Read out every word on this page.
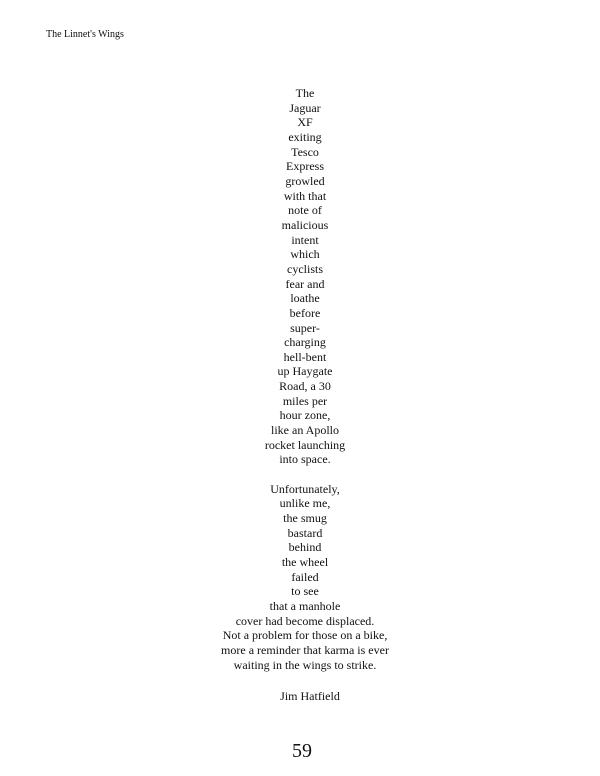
The Linnet's Wings
The
Jaguar
XF
exiting
Tesco
Express
growled
with that
note of
malicious
intent
which
cyclists
fear and
loathe
before
super-
charging
hell-bent
up Haygate
Road, a 30
miles per
hour zone,
like an Apollo
rocket launching
into space.
Unfortunately,
unlike me,
the smug
bastard
behind
the wheel
failed
to see
that a manhole
cover had become displaced.
Not a problem for those on a bike,
more a reminder that karma is ever
waiting in the wings to strike.
Jim Hatfield
59
